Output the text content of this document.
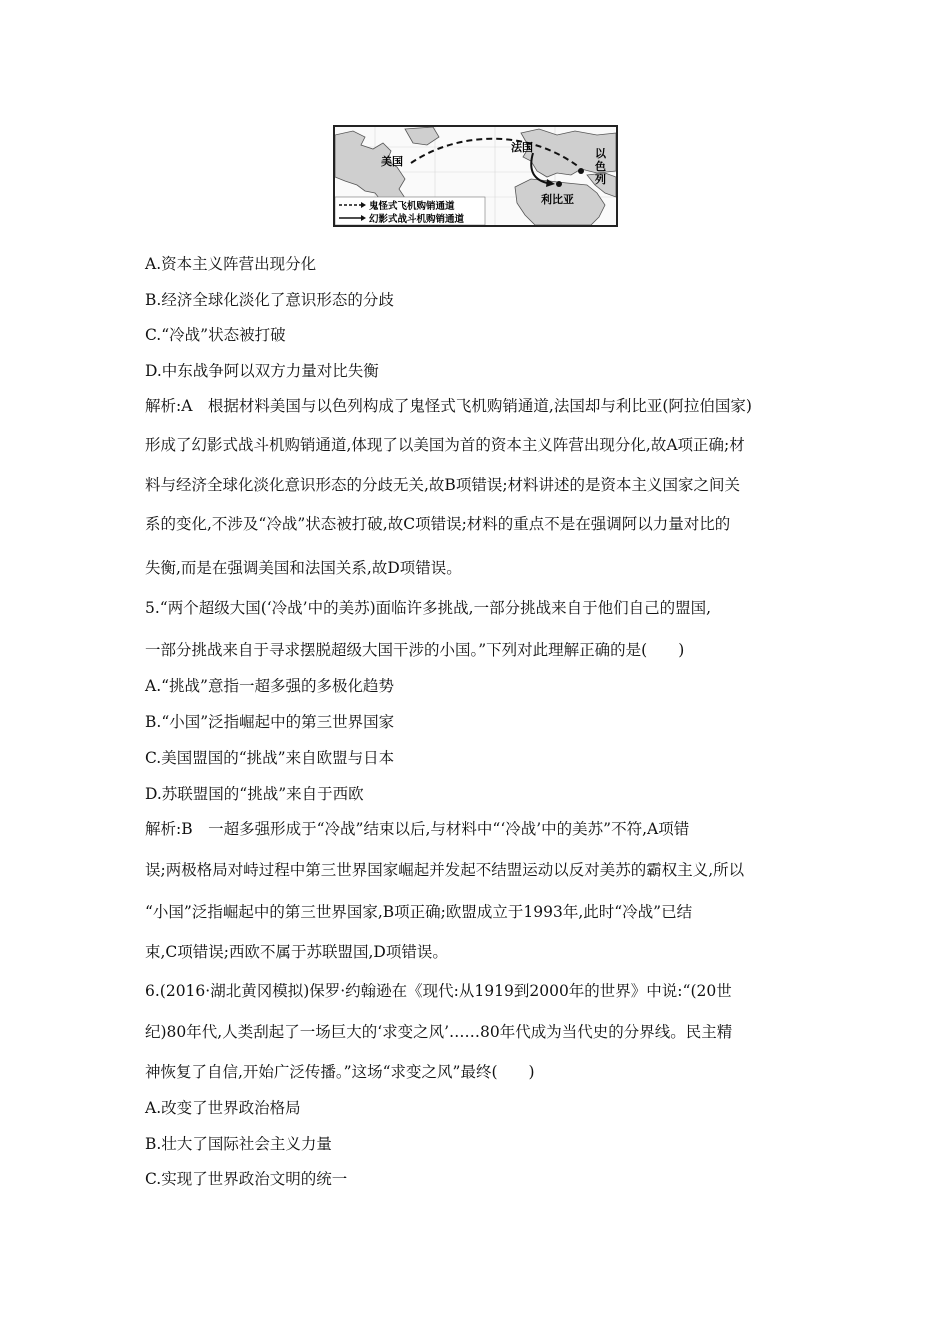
美国
法国
利比亚
以 色 列
鬼怪式飞机购销通道
幻影式战斗机购销通道
A.资本主义阵营出现分化
B.经济全球化淡化了意识形态的分歧
C.“冷战”状态被打破
D.中东战争阿以双方力量对比失衡
解析:A　根据材料美国与以色列构成了鬼怪式飞机购销通道,法国却与利比亚(阿拉伯国家)
形成了幻影式战斗机购销通道,体现了以美国为首的资本主义阵营出现分化,故A项正确;材
料与经济全球化淡化意识形态的分歧无关,故B项错误;材料讲述的是资本主义国家之间关
系的变化,不涉及“冷战”状态被打破,故C项错误;材料的重点不是在强调阿以力量对比的
失衡,而是在强调美国和法国关系,故D项错误。
5.“两个超级大国(‘冷战’中的美苏)面临许多挑战,一部分挑战来自于他们自己的盟国,
一部分挑战来自于寻求摆脱超级大国干涉的小国。”下列对此理解正确的是(　　)
A.“挑战”意指一超多强的多极化趋势
B.“小国”泛指崛起中的第三世界国家
C.美国盟国的“挑战”来自欧盟与日本
D.苏联盟国的“挑战”来自于西欧
解析:B　一超多强形成于“冷战”结束以后,与材料中“‘冷战’中的美苏”不符,A项错
误;两极格局对峙过程中第三世界国家崛起并发起不结盟运动以反对美苏的霸权主义,所以
“小国”泛指崛起中的第三世界国家,B项正确;欧盟成立于1993年,此时“冷战”已结
束,C项错误;西欧不属于苏联盟国,D项错误。
6.(2016·湖北黄冈模拟)保罗·约翰逊在《现代:从1919到2000年的世界》中说:“(20世
纪)80年代,人类刮起了一场巨大的‘求变之风’……80年代成为当代史的分界线。民主精
神恢复了自信,开始广泛传播。”这场“求变之风”最终(　　)
A.改变了世界政治格局
B.壮大了国际社会主义力量
C.实现了世界政治文明的统一
